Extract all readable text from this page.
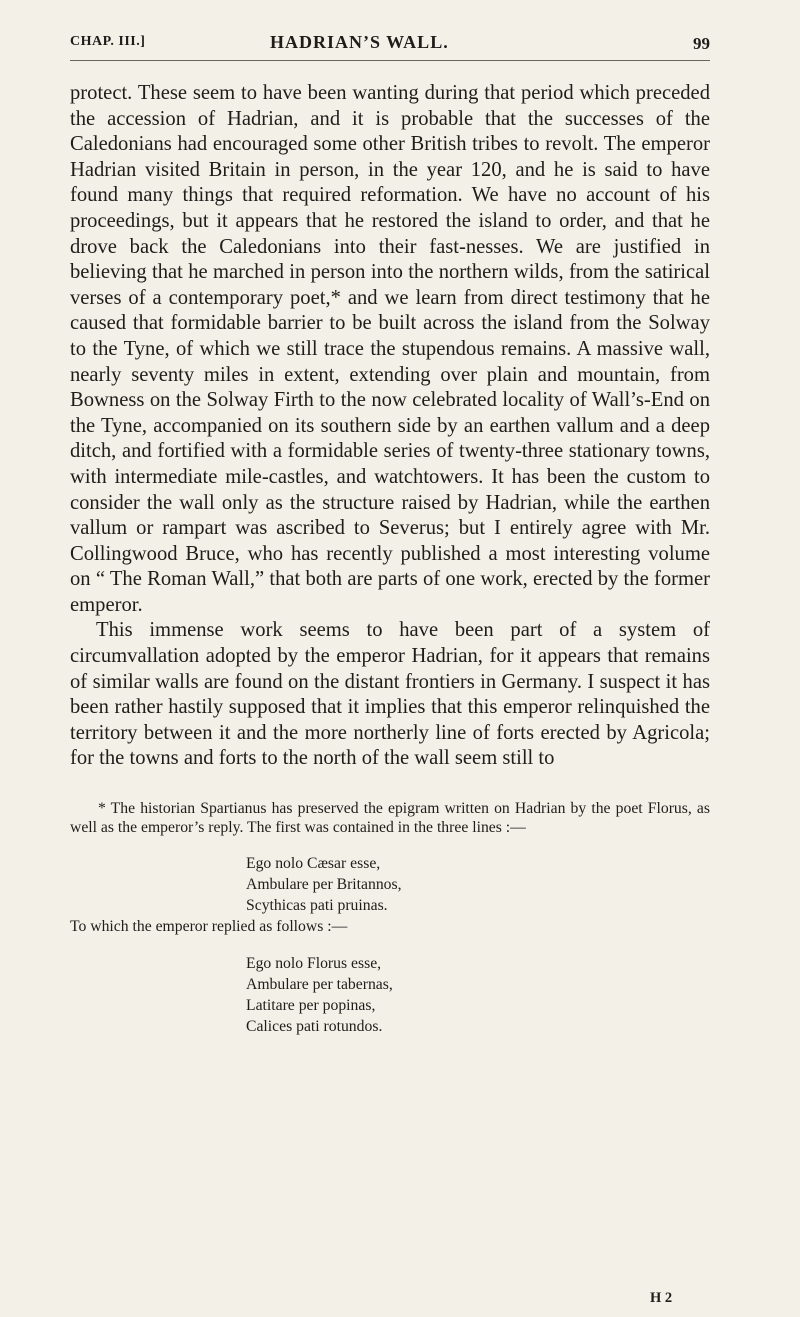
CHAP. III.]	HADRIAN’S WALL.	99

protect. These seem to have been wanting during that period which preceded the accession of Hadrian, and it is probable that the successes of the Caledonians had encouraged some other British tribes to revolt. The emperor Hadrian visited Britain in person, in the year 120, and he is said to have found many things that required reformation. We have no account of his proceedings, but it appears that he restored the island to order, and that he drove back the Caledonians into their fast-nesses. We are justified in believing that he marched in person into the northern wilds, from the satirical verses of a contemporary poet,* and we learn from direct testimony that he caused that formidable barrier to be built across the island from the Solway to the Tyne, of which we still trace the stupendous remains. A massive wall, nearly seventy miles in extent, extending over plain and mountain, from Bowness on the Solway Firth to the now celebrated locality of Wall’s-End on the Tyne, accompanied on its southern side by an earthen vallum and a deep ditch, and fortified with a formidable series of twenty-three stationary towns, with intermediate mile-castles, and watchtowers. It has been the custom to consider the wall only as the structure raised by Hadrian, while the earthen vallum or rampart was ascribed to Severus; but I entirely agree with Mr. Collingwood Bruce, who has recently published a most interesting volume on “ The Roman Wall,” that both are parts of one work, erected by the former emperor.

This immense work seems to have been part of a system of circumvallation adopted by the emperor Hadrian, for it appears that remains of similar walls are found on the distant frontiers in Germany. I suspect it has been rather hastily supposed that it implies that this emperor relinquished the territory between it and the more northerly line of forts erected by Agricola; for the towns and forts to the north of the wall seem still to

* The historian Spartianus has preserved the epigram written on Hadrian by the poet Florus, as well as the emperor’s reply. The first was contained in the three lines :—

Ego nolo Cæsar esse,
Ambulare per Britannos,
Scythicas pati pruinas.

To which the emperor replied as follows :—

Ego nolo Florus esse,
Ambulare per tabernas,
Latitare per popinas,
Calices pati rotundos.
H 2
